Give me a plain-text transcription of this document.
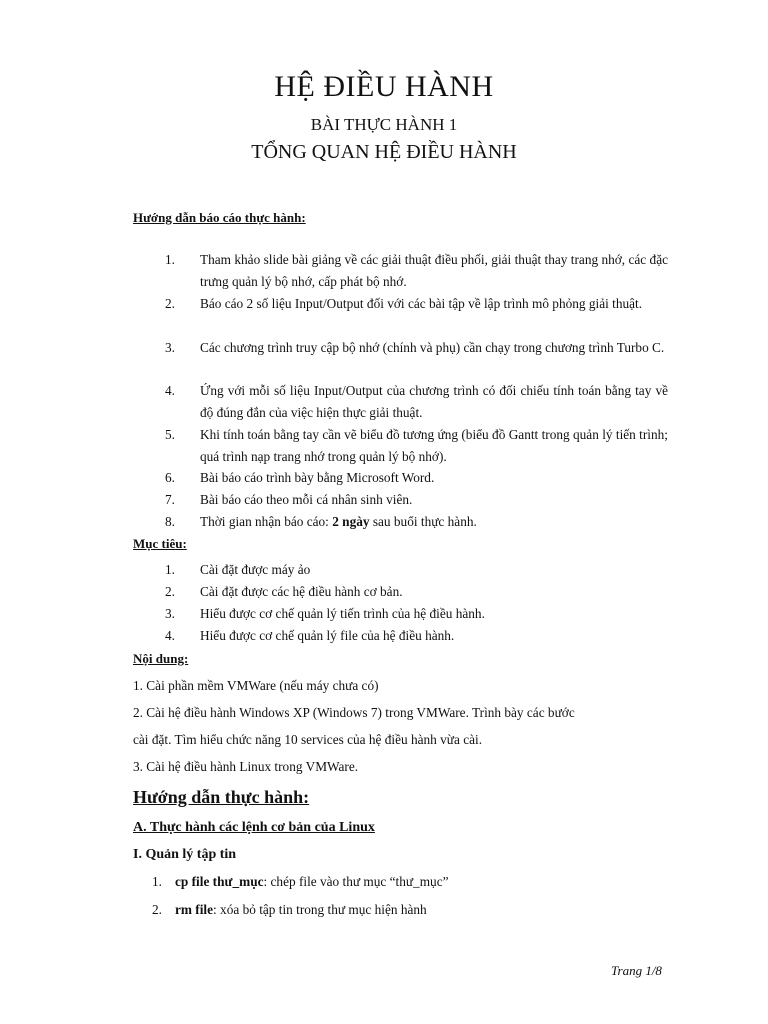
HỆ ĐIỀU HÀNH
BÀI THỰC HÀNH 1
TỔNG QUAN HỆ ĐIỀU HÀNH
Hướng dẫn báo cáo thực hành:
1.	Tham khảo slide bài giảng về các giải thuật điều phối, giải thuật thay trang nhớ, các đặc trưng quản lý bộ nhớ, cấp phát bộ nhớ.
2.	Báo cáo 2 số liệu Input/Output đối với các bài tập về lập trình mô phỏng giải thuật.
3.	Các chương trình truy cập bộ nhớ (chính và phụ) cần chạy trong chương trình Turbo C.
4.	Ứng với mỗi số liệu Input/Output của chương trình có đối chiếu tính toán bằng tay về độ đúng đắn của việc hiện thực giải thuật.
5.	Khi tính toán bằng tay cần vẽ biểu đồ tương ứng (biểu đồ Gantt trong quản lý tiến trình; quá trình nạp trang nhớ trong quản lý bộ nhớ).
6.	Bài báo cáo trình bày bằng Microsoft Word.
7.	Bài báo cáo theo mỗi cá nhân sinh viên.
8.	Thời gian nhận báo cáo: 2 ngày sau buổi thực hành.
Mục tiêu:
1.	Cài đặt được máy ảo
2.	Cài đặt được các hệ điều hành cơ bản.
3.	Hiểu được cơ chế quản lý tiến trình của hệ điều hành.
4.	Hiểu được cơ chế quản lý file của hệ điều hành.
Nội dung:
1. Cài phần mềm VMWare (nếu máy chưa có)
2. Cài hệ điều hành Windows XP (Windows 7) trong VMWare. Trình bày các bước
cài đặt. Tìm hiểu chức năng 10 services của hệ điều hành vừa cài.
3. Cài hệ điều hành Linux trong VMWare.
Hướng dẫn thực hành:
A. Thực hành các lệnh cơ bản của Linux
I. Quản lý tập tin
1. cp file thư_mục: chép file vào thư mục “thư_mục”
2. rm file: xóa bỏ tập tin trong thư mục hiện hành
Trang 1/8
